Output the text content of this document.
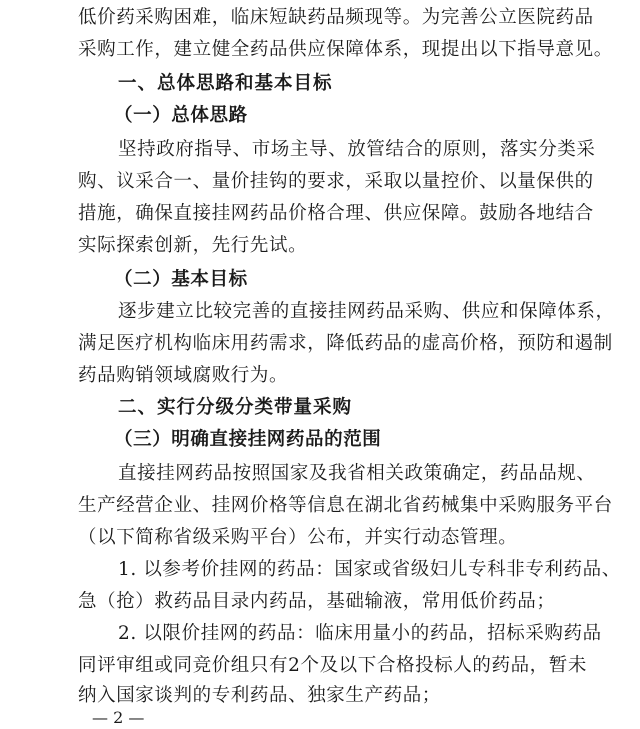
低价药采购困难，临床短缺药品频现等。为完善公立医院药品
采购工作，建立健全药品供应保障体系，现提出以下指导意见。
一、总体思路和基本目标
（一）总体思路
坚持政府指导、市场主导、放管结合的原则，落实分类采
购、议采合一、量价挂钩的要求，采取以量控价、以量保供的
措施，确保直接挂网药品价格合理、供应保障。鼓励各地结合
实际探索创新，先行先试。
（二）基本目标
逐步建立比较完善的直接挂网药品采购、供应和保障体系，
满足医疗机构临床用药需求，降低药品的虚高价格，预防和遏制
药品购销领域腐败行为。
二、实行分级分类带量采购
（三）明确直接挂网药品的范围
直接挂网药品按照国家及我省相关政策确定，药品品规、
生产经营企业、挂网价格等信息在湖北省药械集中采购服务平台
（以下简称省级采购平台）公布，并实行动态管理。
1. 以参考价挂网的药品：国家或省级妇儿专科非专利药品、
急（抢）救药品目录内药品，基础输液，常用低价药品；
2. 以限价挂网的药品：临床用量小的药品，招标采购药品
同评审组或同竞价组只有2个及以下合格投标人的药品，暂未
纳入国家谈判的专利药品、独家生产药品；
— 2 —
